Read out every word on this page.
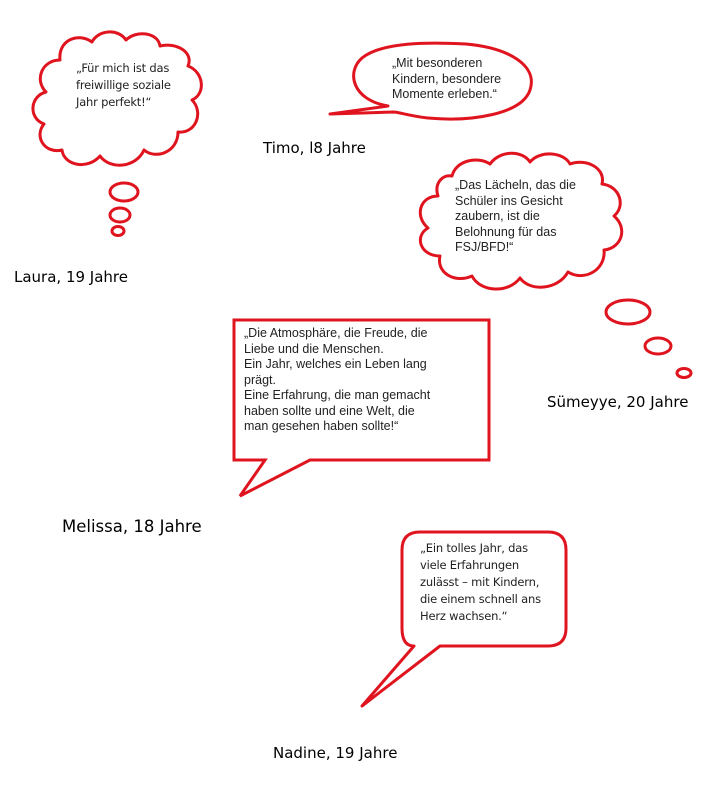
„Für mich ist das
freiwillige soziale
Jahr perfekt!“
Laura, 19 Jahre
„Mit besonderen
Kindern, besondere
Momente erleben.“
Timo, l8 Jahre
„Das Lächeln, das die
Schüler ins Gesicht
zaubern, ist die
Belohnung für das
FSJ/BFD!“
Sümeyye, 20 Jahre
„Die Atmosphäre, die Freude, die
Liebe und die Menschen.
Ein Jahr, welches ein Leben lang
prägt.
Eine Erfahrung, die man gemacht
haben sollte und eine Welt, die
man gesehen haben sollte!“
Melissa, 18 Jahre
„Ein tolles Jahr, das
viele Erfahrungen
zulässt – mit Kindern,
die einem schnell ans
Herz wachsen.“
Nadine, 19 Jahre
